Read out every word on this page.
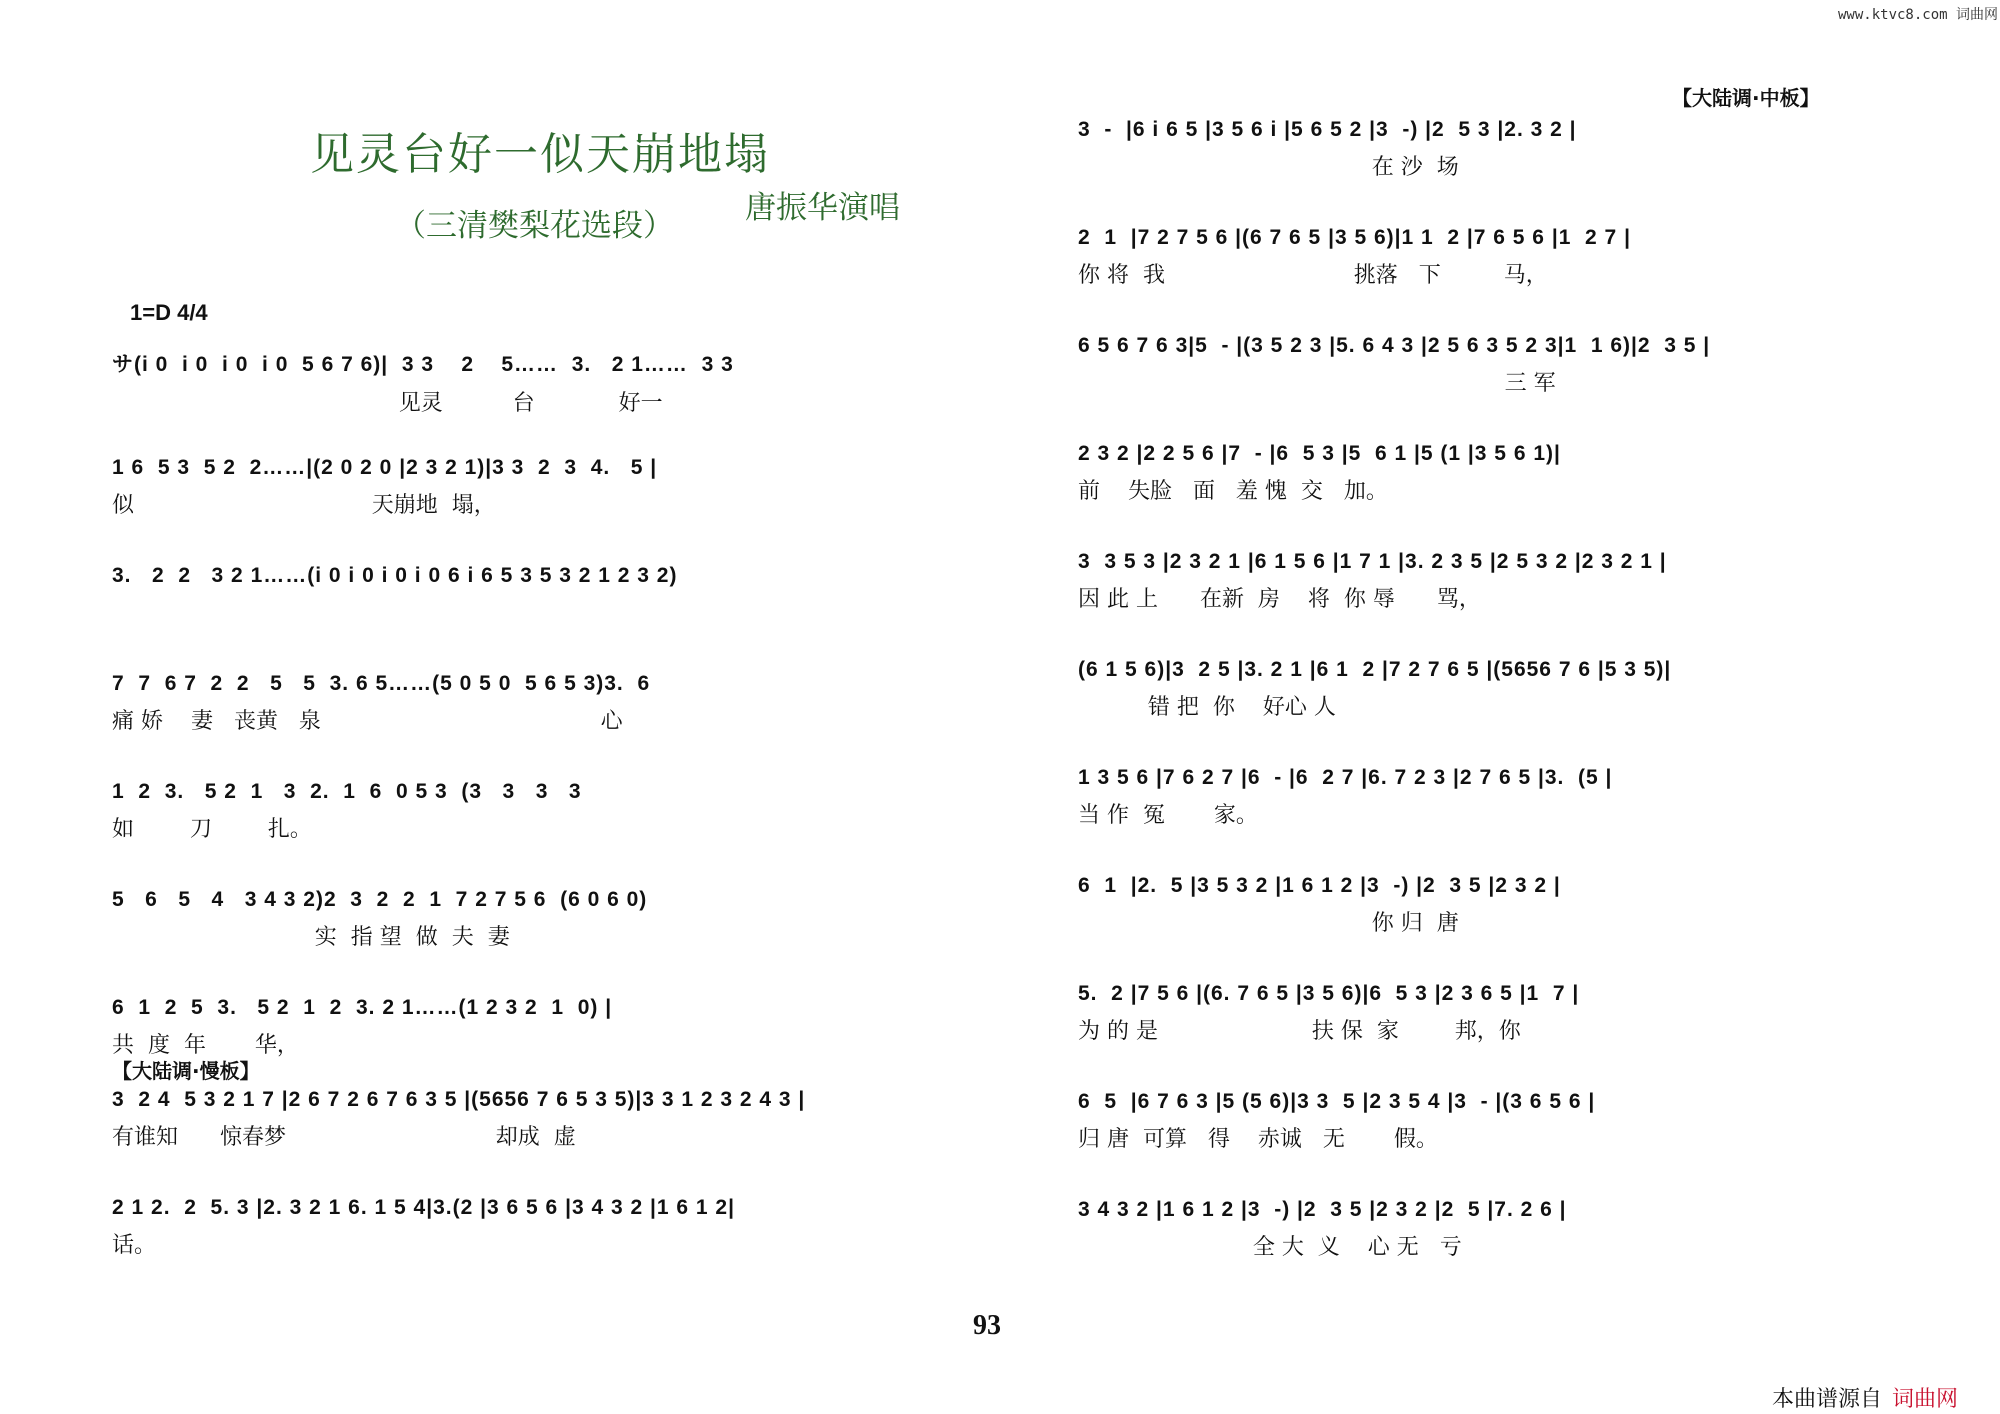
www.ktvc8.com 词曲网
见灵台好一似天崩地塌
（三清樊梨花选段） 唐振华演唱
1=D 4/4
サ(i 0  i 0  i 0  i 0  5 6 7 6)|  3 3    2    5……  3.   2 1……  3 3
见灵          台            好一
1 6  5 3  5 2  2……|(2 0 2 0 |2 3 2 1)|3 3  2  3  4.   5 |
似                                  天崩地  塌，
3.   2  2   3 2 1……(i 0 i 0 i 0 i 0 6 i 6 5 3 5 3 2 1 2 3 2)
7  7  6 7  2  2   5   5  3. 6 5……(5 0 5 0  5 6 5 3)3.  6
痛 娇    妻   丧黄   泉                                        心
1  2  3.   5 2  1   3  2.  1  6  0 5 3  (3   3   3   3
如        刀        扎。
5   6   5   4   3 4 3 2)2  3  2  2  1  7 2 7 5 6  (6 0 6 0)
实  指 望  做  夫  妻
6  1  2  5  3.   5 2  1  2  3. 2 1……(1 2 3 2  1  0) |
共  度  年       华，
【大陆调·慢板】
3  2 4  5 3 2 1 7 |2 6 7 2 6 7 6 3 5 |(5656 7 6 5 3 5)|3 3 1 2 3 2 4 3 |
有谁知      惊春梦                              却成  虚
2 1 2.  2  5. 3 |2. 3 2 1 6. 1 5 4|3.(2 |3 6 5 6 |3 4 3 2 |1 6 1 2|
话。
【大陆调·中板】
3  -  |6 i 6 5 |3 5 6 i |5 6 5 2 |3  -) |2  5 3 |2. 3 2 |
在 沙  场
2  1  |7 2 7 5 6 |(6 7 6 5 |3 5 6)|1 1  2 |7 6 5 6 |1  2 7 |
你 将  我                           挑落   下         马，
6 5 6 7 6 3|5  - |(3 5 2 3 |5. 6 4 3 |2 5 6 3 5 2 3|1  1 6)|2  3 5 |
三 军
2 3 2 |2 2 5 6 |7  - |6  5 3 |5  6 1 |5 (1 |3 5 6 1)|
前    失脸   面   羞 愧  交   加。
3  3 5 3 |2 3 2 1 |6 1 5 6 |1 7 1 |3. 2 3 5 |2 5 3 2 |2 3 2 1 |
因 此 上      在新  房    将  你 辱      骂，
(6 1 5 6)|3  2 5 |3. 2 1 |6 1  2 |7 2 7 6 5 |(5656 7 6 |5 3 5)|
错 把  你    好心 人
1 3 5 6 |7 6 2 7 |6  - |6  2 7 |6. 7 2 3 |2 7 6 5 |3.  (5 |
当 作  冤       家。
6  1  |2.  5 |3 5 3 2 |1 6 1 2 |3  -) |2  3 5 |2 3 2 |
你 归  唐
5.  2 |7 5 6 |(6. 7 6 5 |3 5 6)|6  5 3 |2 3 6 5 |1  7 |
为 的 是                      扶 保  家        邦，你
6  5  |6 7 6 3 |5 (5 6)|3 3  5 |2 3 5 4 |3  - |(3 6 5 6 |
归 唐  可算   得    赤诚   无       假。
3 4 3 2 |1 6 1 2 |3  -) |2  3 5 |2 3 2 |2  5 |7. 2 6 |
全 大  义    心 无   亏
93
本曲谱源自 词曲网
